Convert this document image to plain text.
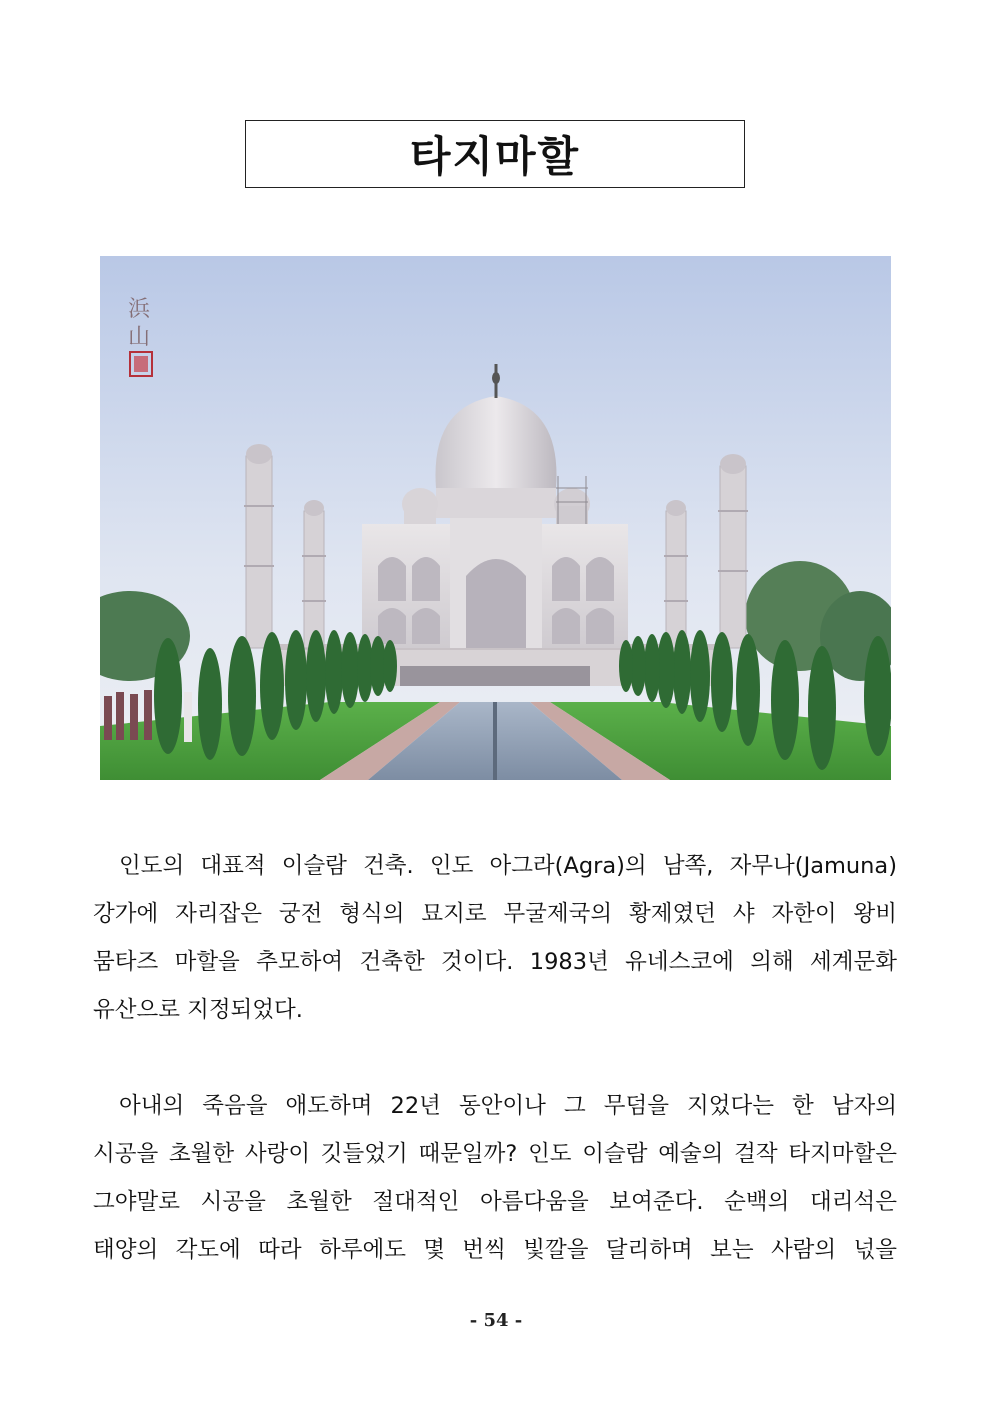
타지마할
浜
山
인도의 대표적 이슬람 건축. 인도 아그라(Agra)의 남쪽, 자무나(Jamuna)
강가에 자리잡은 궁전 형식의 묘지로 무굴제국의 황제였던 샤 자한이 왕비
뭄타즈 마할을 추모하여 건축한 것이다. 1983년 유네스코에 의해 세계문화
유산으로 지정되었다.
아내의 죽음을 애도하며 22년 동안이나 그 무덤을 지었다는 한 남자의
시공을 초월한 사랑이 깃들었기 때문일까? 인도 이슬람 예술의 걸작 타지마할은
그야말로 시공을 초월한 절대적인 아름다움을 보여준다. 순백의 대리석은
태양의 각도에 따라 하루에도 몇 번씩 빛깔을 달리하며 보는 사람의 넋을
- 54 -
